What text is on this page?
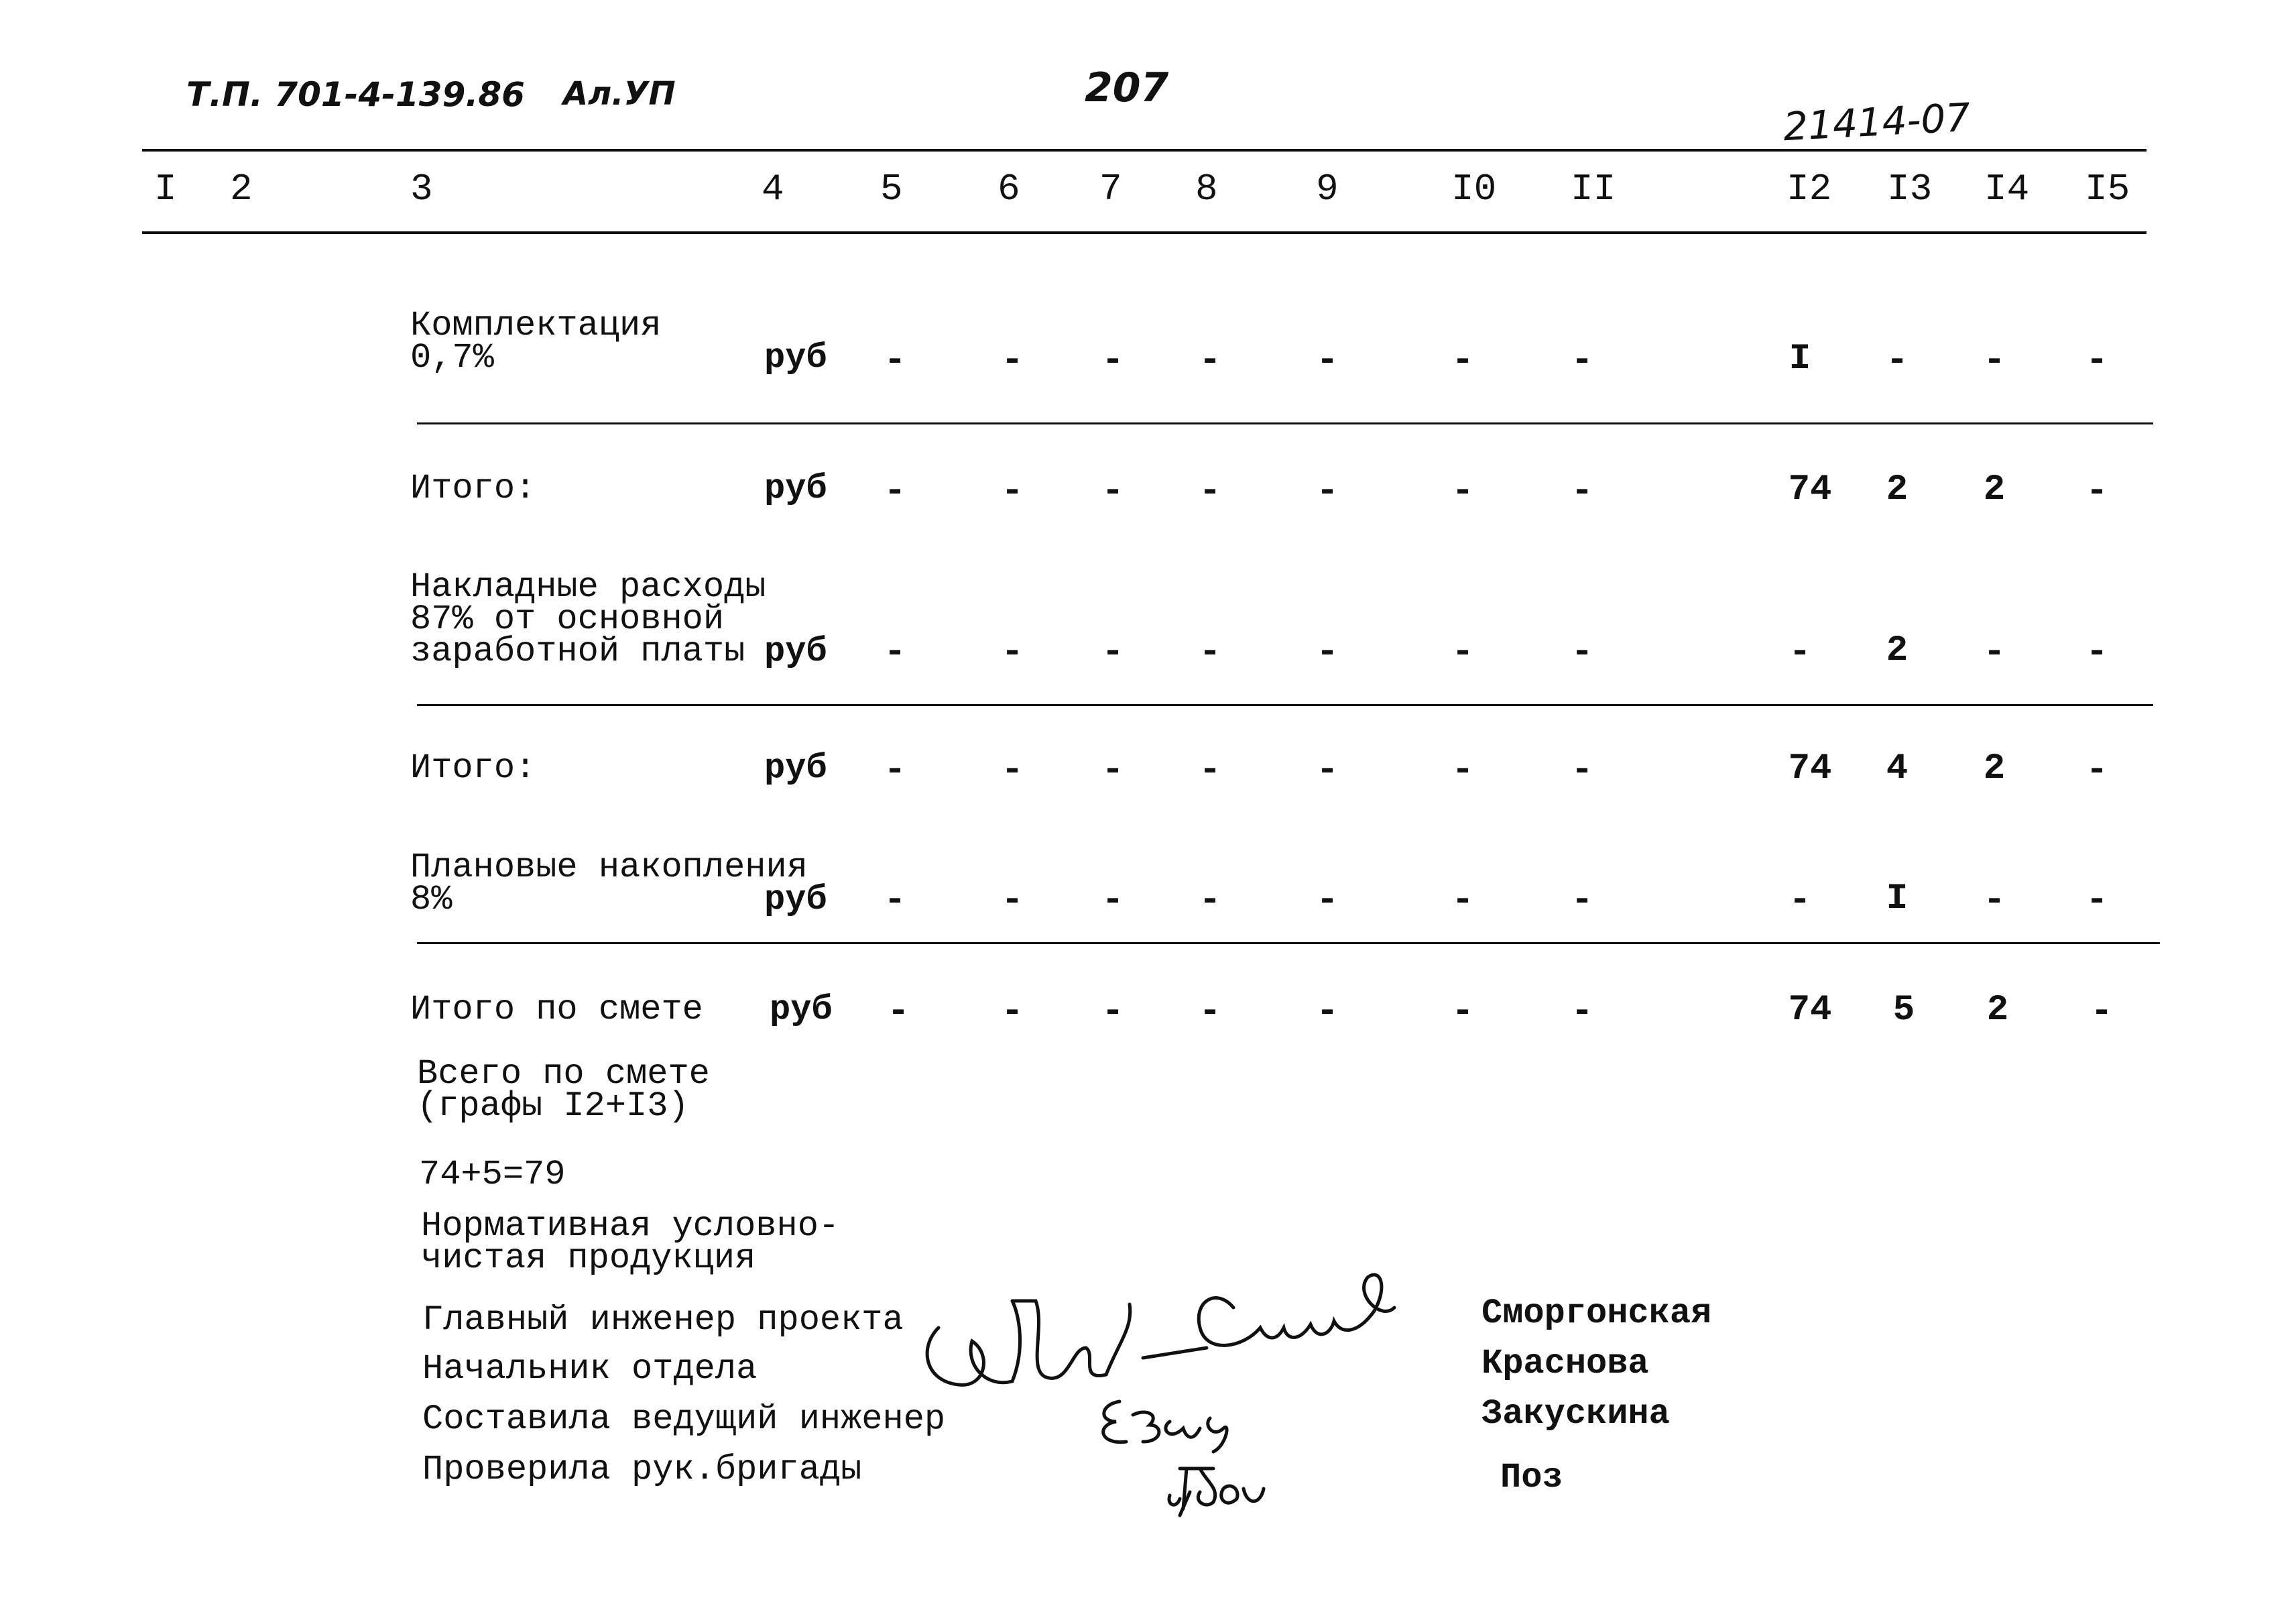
Т.П. 701-4-139.86 Ал.УП	207
21414-07
I 2	3	4	5	6 7 8	9	I0 II	I2 I3 I4 I5
Комплектация
0,7%	руб	-	-	-	-	-	-	-	I	-	-	-
Итого:	руб	-	-	-	-	-	-	-	74	2	2	-
Накладные расходы
87% от основной
заработной платы руб	-	-	-	-	-	-	-	-	2	-	-
Итого:	руб	-	-	-	-	-	-	-	74	4	2	-
Плановые накопления
8%	руб	-	-	-	-	-	-	-	-	I	-	-
Итого по смете руб	-	-	-	-	-	-	-	74	5	2	-
Всего по смете
(графы I2+I3)
74+5=79
Нормативная условно-
чистая продукция
Главный инженер проекта
Начальник отдела
Составила ведущий инженер
Проверила рук.бригады
Сморгонская
Краснова
Закускина
Поз
